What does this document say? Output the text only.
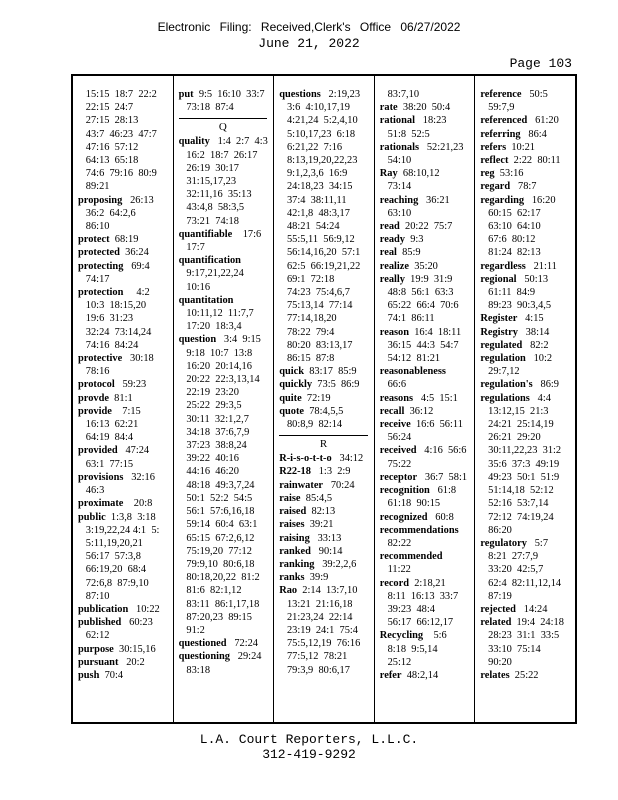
Electronic Filing: Received,Clerk's Office 06/27/2022
June 21, 2022
Page 103
15:15  18:7  22:2
22:15  24:7
27:15  28:13
43:7  46:23  47:7
47:16  57:12
64:13  65:18
74:6  79:16  80:9
89:21
proposing   26:13
36:2  64:2,6
86:10
protect  68:19
protected  36:24
protecting   69:4
74:17
protection     4:2
10:3  18:15,20
19:6  31:23
32:24  73:14,24
74:16  84:24
protective   30:18
78:16
protocol   59:23
provde  81:1
provide    7:15
16:13  62:21
64:19  84:4
provided   47:24
63:1  77:15
provisions   32:16
46:3
proximate    20:8
public  1:3,8  3:18
3:19,22,24 4:1  5:
5:11,19,20,21
56:17  57:3,8
66:19,20  68:4
72:6,8  87:9,10
87:10
publication   10:22
published   60:23
62:12
purpose  30:15,16
pursuant   20:2
push  70:4
put  9:5  16:10  33:7
73:18  87:4
Q
quality   1:4  2:7  4:3
16:2  18:7  26:17
26:19  30:17
31:15,17,23
32:11,16  35:13
43:4,8  58:3,5
73:21  74:18
quantifiable    17:6
17:7
quantification
9:17,21,22,24
10:16
quantitation
10:11,12  11:7,7
17:20  18:3,4
question   3:4  9:15
9:18  10:7  13:8
16:20  20:14,16
20:22  22:3,13,14
22:19  23:20
25:22  29:3,5
30:11  32:1,2,7
34:18  37:6,7,9
37:23  38:8,24
39:22  40:16
44:16  46:20
48:18  49:3,7,24
50:1  52:2  54:5
56:1  57:6,16,18
59:14  60:4  63:1
65:15  67:2,6,12
75:19,20  77:12
79:9,10  80:6,18
80:18,20,22  81:2
81:6  82:1,12
83:11  86:1,17,18
87:20,23  89:15
91:2
questioned   72:24
questioning   29:24
83:18
questions   2:19,23
3:6  4:10,17,19
4:21,24  5:2,4,10
5:10,17,23  6:18
6:21,22  7:16
8:13,19,20,22,23
9:1,2,3,6  16:9
24:18,23  34:15
37:4  38:11,11
42:1,8  48:3,17
48:21  54:24
55:5,11  56:9,12
56:14,16,20  57:1
62:5  66:19,21,22
69:1  72:18
74:23  75:4,6,7
75:13,14  77:14
77:14,18,20
78:22  79:4
80:20  83:13,17
86:15  87:8
quick  83:17  85:9
quickly  73:5  86:9
quite  72:19
quote  78:4,5,5
80:8,9  82:14
R
R-i-s-o-t-t-o   34:12
R22-18   1:3  2:9
rainwater   70:24
raise  85:4,5
raised  82:13
raises  39:21
raising   33:13
ranked   90:14
ranking   39:2,2,6
ranks  39:9
Rao  2:14  13:7,10
13:21  21:16,18
21:23,24  22:14
23:19  24:1  75:4
75:5,12,19  76:16
77:5,12  78:21
79:3,9  80:6,17
83:7,10
rate  38:20  50:4
rational   18:23
51:8  52:5
rationals   52:21,23
54:10
Ray  68:10,12
73:14
reaching   36:21
63:10
read  20:22  75:7
ready  9:3
real  85:9
realize  35:20
really  19:9  31:9
48:8  56:1  63:3
65:22  66:4  70:6
74:1  86:11
reason  16:4  18:11
36:15  44:3  54:7
54:12  81:21
reasonableness
66:6
reasons   4:5  15:1
recall  36:12
receive  16:6  56:11
56:24
received   4:16  56:6
75:22
receptor   36:7  58:1
recognition   61:8
61:18  90:15
recognized   60:8
recommendations
82:22
recommended
11:22
record  2:18,21
8:11  16:13  33:7
39:23  48:4
56:17  66:12,17
Recycling    5:6
8:18  9:5,14
25:12
refer  48:2,14
reference   50:5
59:7,9
referenced   61:20
referring   86:4
refers  10:21
reflect  2:22  80:11
reg  53:16
regard   78:7
regarding   16:20
60:15  62:17
63:10  64:10
67:6  80:12
81:24  82:13
regardless   21:11
regional   50:13
61:11  84:9
89:23  90:3,4,5
Register   4:15
Registry   38:14
regulated   82:2
regulation   10:2
29:7,12
regulation's   86:9
regulations   4:4
13:12,15  21:3
24:21  25:14,19
26:21  29:20
30:11,22,23  31:2
35:6  37:3  49:19
49:23  50:1  51:9
51:14,18  52:12
52:16  53:7,14
72:12  74:19,24
86:20
regulatory   5:7
8:21  27:7,9
33:20  42:5,7
62:4  82:11,12,14
87:19
rejected   14:24
related  19:4  24:18
28:23  31:1  33:5
33:10  75:14
90:20
relates  25:22
L.A. Court Reporters, L.L.C.
312-419-9292
